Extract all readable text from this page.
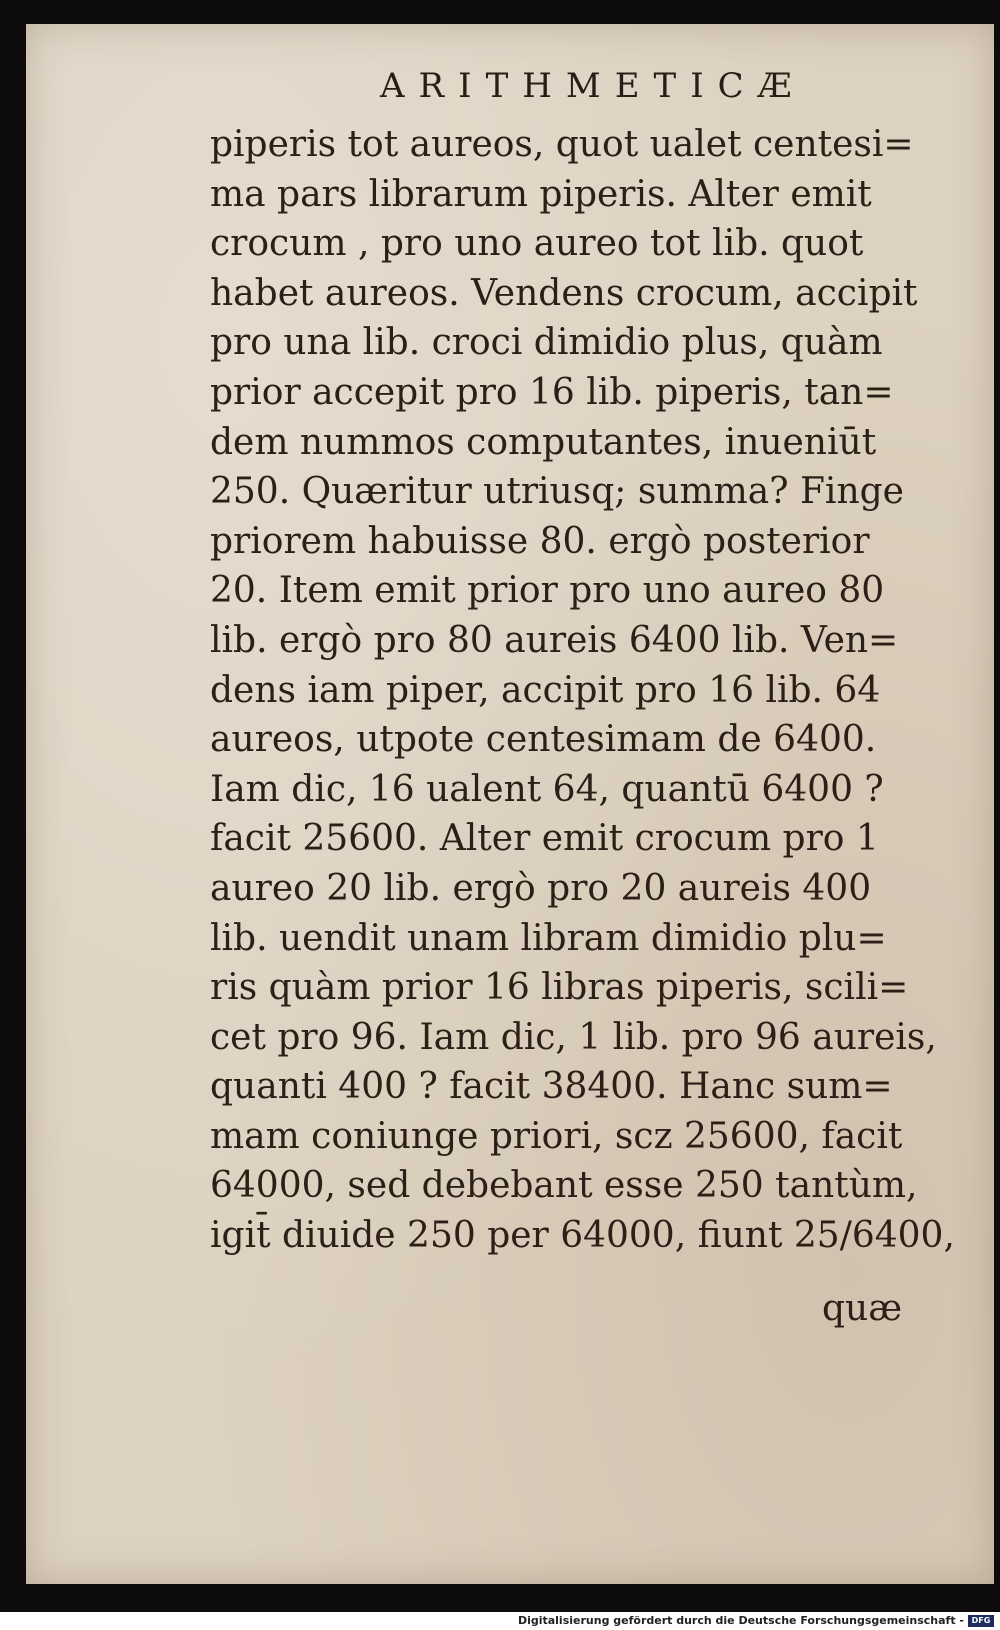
ARITHMETICÆ
piperis tot aureos, quot ualet centesi=
ma pars librarum piperis. Alter emit
crocum , pro uno aureo tot lib. quot
habet aureos. Vendens crocum, accipit
pro una lib. croci dimidio plus, quàm
prior accepit pro 16 lib. piperis, tan=
dem nummos computantes, inueniūt
250. Quæritur utriusq; summa? Finge
priorem habuisse 80. ergò posterior
20. Item emit prior pro uno aureo 80
lib. ergò pro 80 aureis 6400 lib. Ven=
dens iam piper, accipit pro 16 lib. 64
aureos, utpote centesimam de 6400.
Iam dic, 16 ualent 64, quantū 6400 ?
facit 25600. Alter emit crocum pro 1
aureo 20 lib. ergò pro 20 aureis 400
lib. uendit unam libram dimidio plu=
ris quàm prior 16 libras piperis, scili=
cet pro 96. Iam dic, 1 lib. pro 96 aureis,
quanti 400 ? facit 38400. Hanc sum=
mam coniunge priori, scz 25600, facit
64000, sed debebant esse 250 tantùm,
igit̄ diuide 250 per 64000, fiunt 25/6400,
quæ
Digitalisierung gefördert durch die Deutsche Forschungsgemeinschaft - DFG
